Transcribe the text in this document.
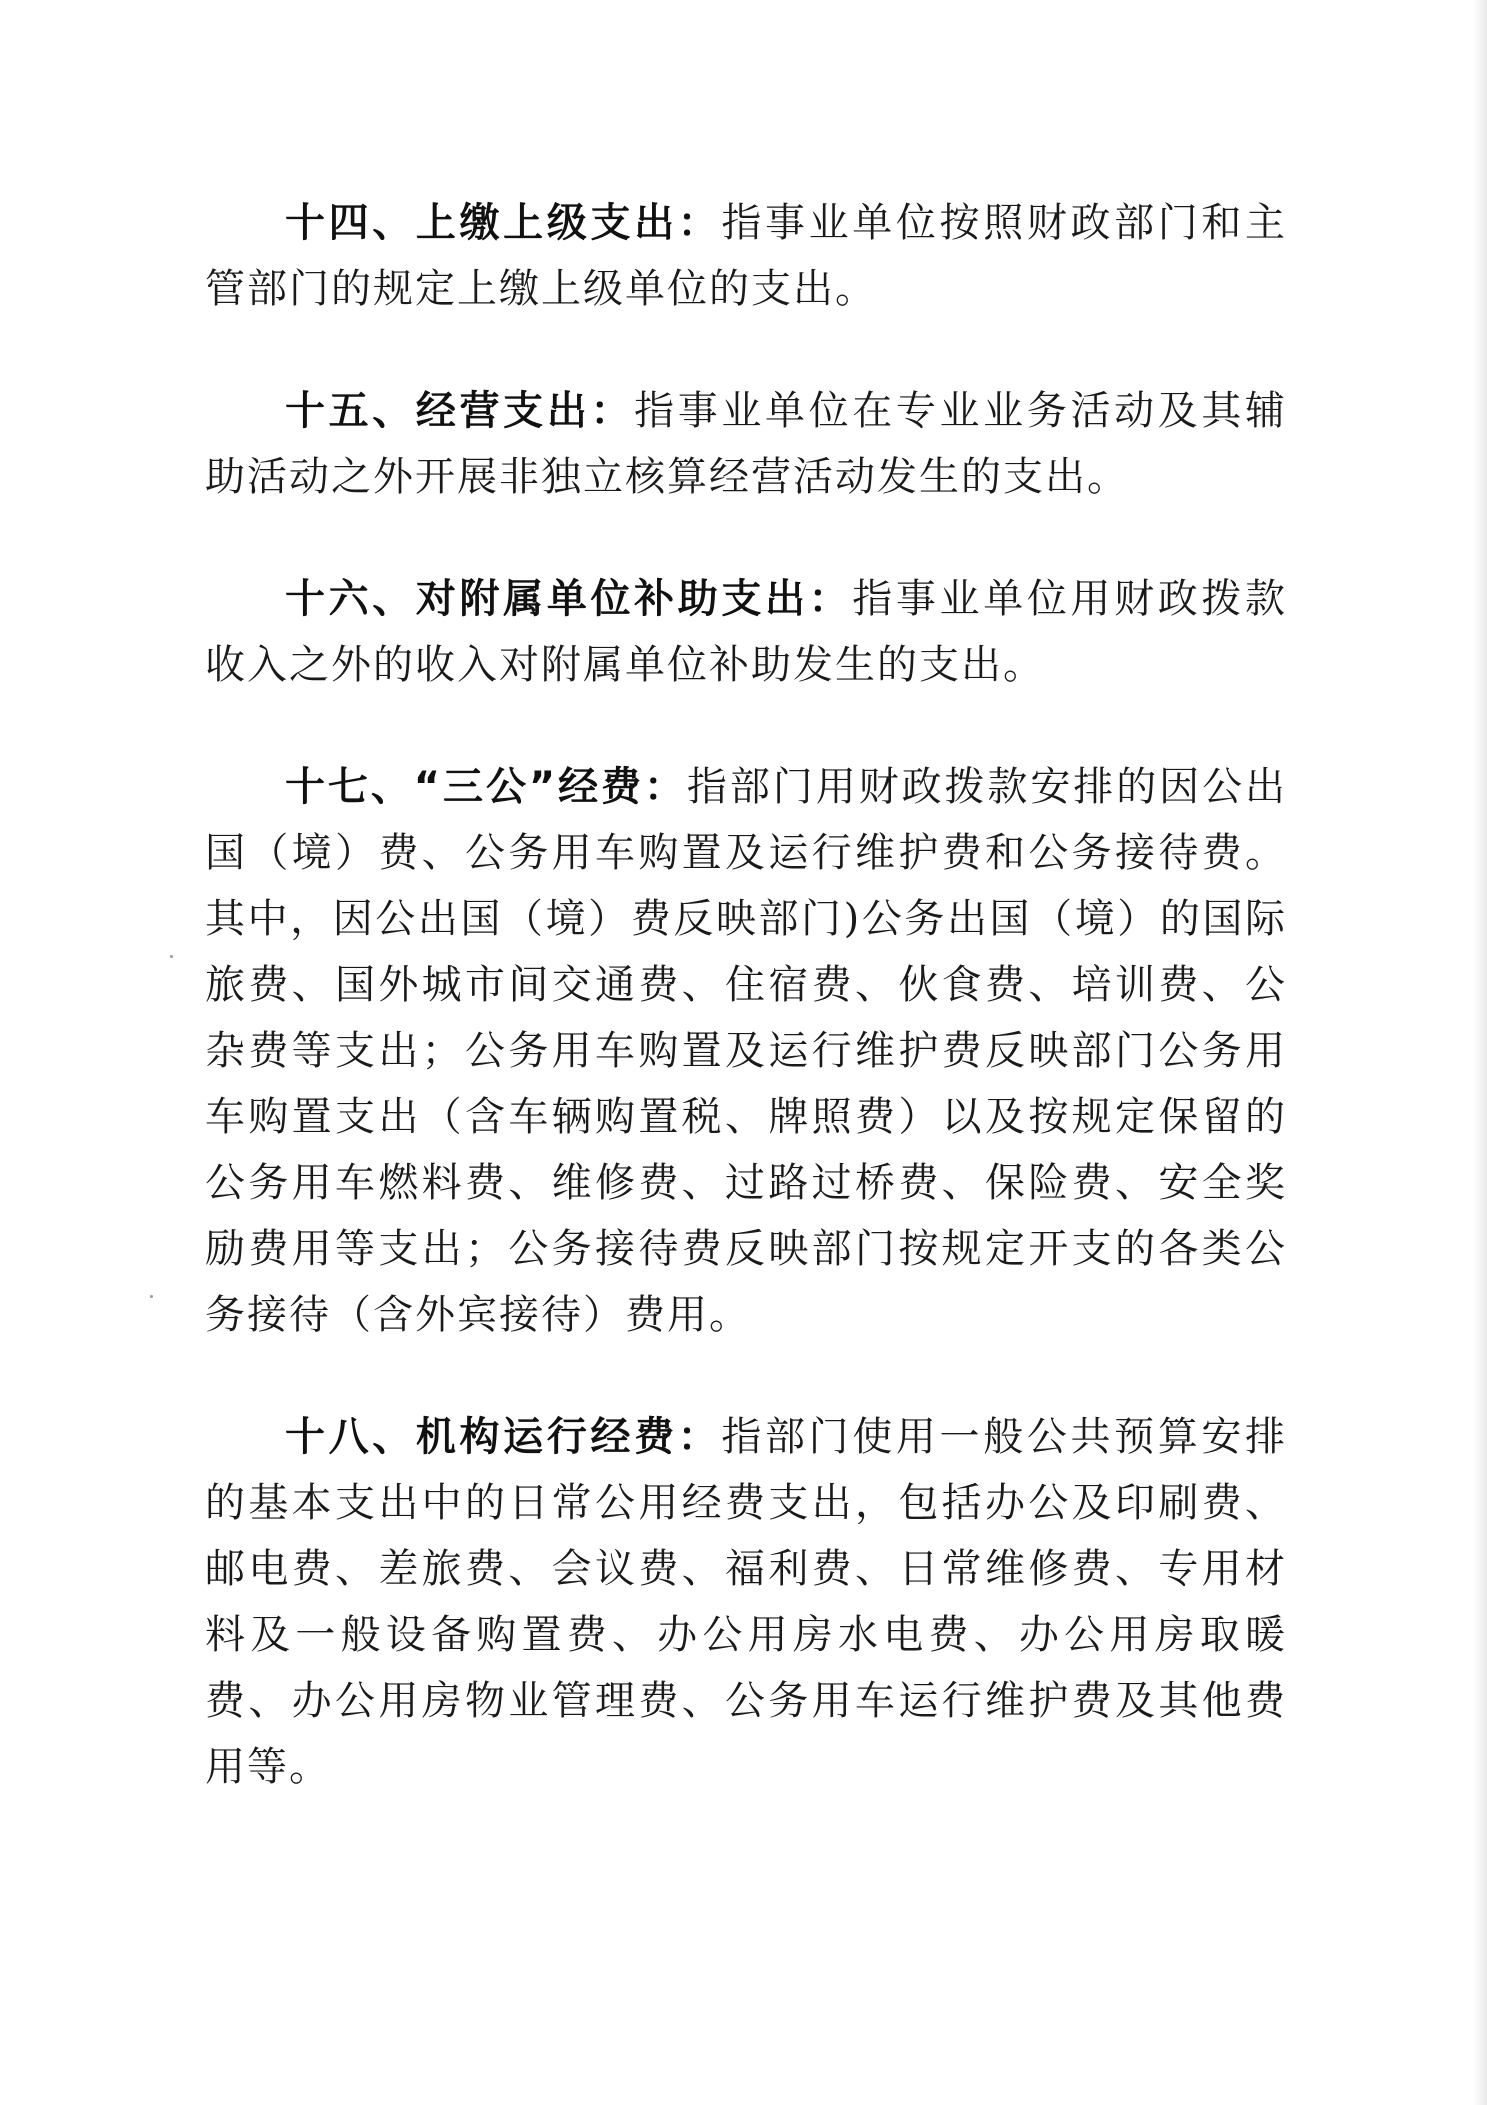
十四、上缴上级支出：指事业单位按照财政部门和主管部门的规定上缴上级单位的支出。

十五、经营支出：指事业单位在专业业务活动及其辅助活动之外开展非独立核算经营活动发生的支出。

十六、对附属单位补助支出：指事业单位用财政拨款收入之外的收入对附属单位补助发生的支出。

十七、“三公”经费：指部门用财政拨款安排的因公出国（境）费、公务用车购置及运行维护费和公务接待费。其中，因公出国（境）费反映部门)公务出国（境）的国际旅费、国外城市间交通费、住宿费、伙食费、培训费、公杂费等支出；公务用车购置及运行维护费反映部门公务用车购置支出（含车辆购置税、牌照费）以及按规定保留的公务用车燃料费、维修费、过路过桥费、保险费、安全奖励费用等支出；公务接待费反映部门按规定开支的各类公务接待（含外宾接待）费用。

十八、机构运行经费：指部门使用一般公共预算安排的基本支出中的日常公用经费支出，包括办公及印刷费、邮电费、差旅费、会议费、福利费、日常维修费、专用材料及一般设备购置费、办公用房水电费、办公用房取暖费、办公用房物业管理费、公务用车运行维护费及其他费用等。
